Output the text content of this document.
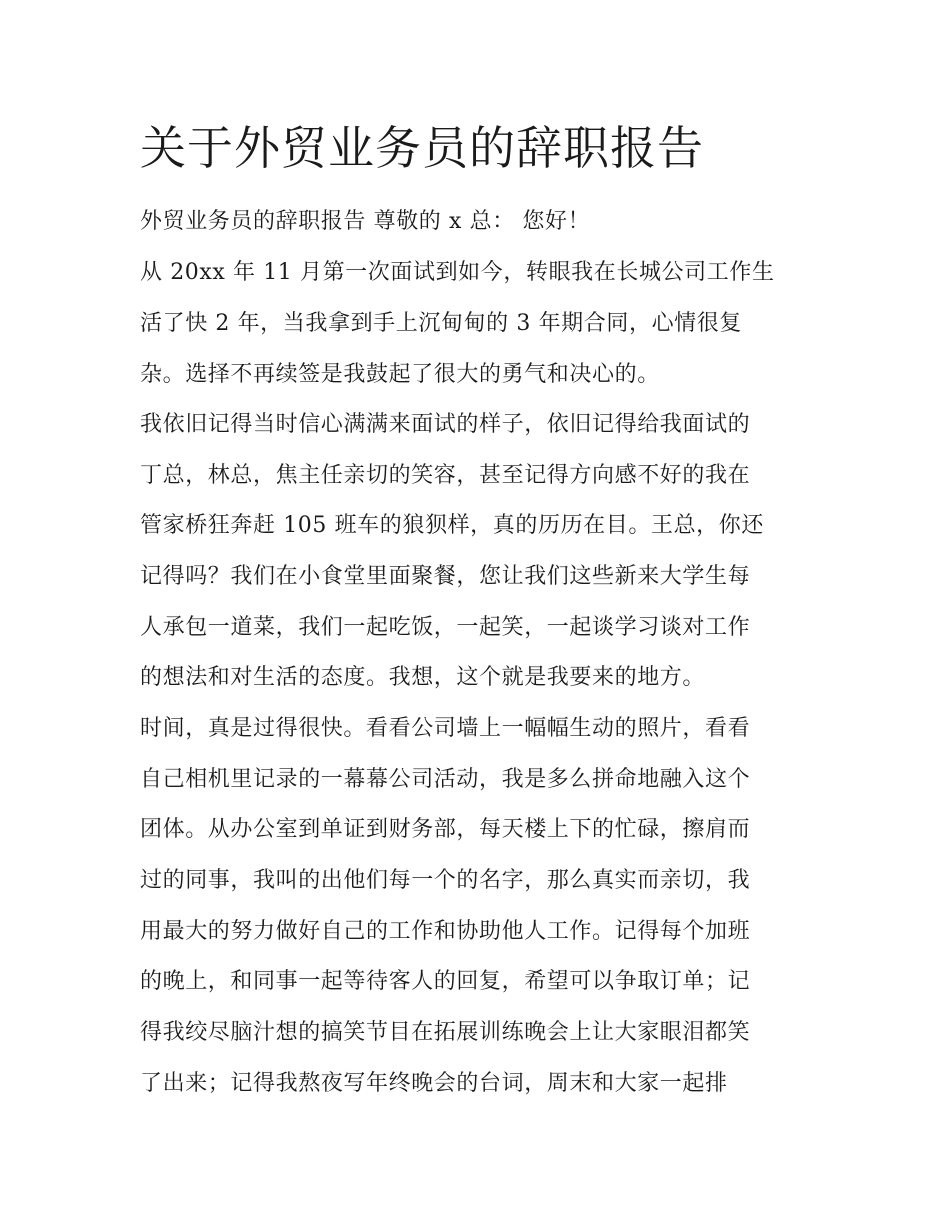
关于外贸业务员的辞职报告

外贸业务员的辞职报告 尊敬的 x 总： 您好！

从 20xx 年 11 月第一次面试到如今，转眼我在长城公司工作生

活了快 2 年，当我拿到手上沉甸甸的 3 年期合同，心情很复

杂。选择不再续签是我鼓起了很大的勇气和决心的。

我依旧记得当时信心满满来面试的样子，依旧记得给我面试的

丁总，林总，焦主任亲切的笑容，甚至记得方向感不好的我在

管家桥狂奔赶 105 班车的狼狈样，真的历历在目。王总，你还

记得吗？我们在小食堂里面聚餐，您让我们这些新来大学生每

人承包一道菜，我们一起吃饭，一起笑，一起谈学习谈对工作

的想法和对生活的态度。我想，这个就是我要来的地方。

时间，真是过得很快。看看公司墙上一幅幅生动的照片，看看

自己相机里记录的一幕幕公司活动，我是多么拼命地融入这个

团体。从办公室到单证到财务部，每天楼上下的忙碌，擦肩而

过的同事，我叫的出他们每一个的名字，那么真实而亲切，我

用最大的努力做好自己的工作和协助他人工作。记得每个加班

的晚上，和同事一起等待客人的回复，希望可以争取订单；记

得我绞尽脑汁想的搞笑节目在拓展训练晚会上让大家眼泪都笑

了出来；记得我熬夜写年终晚会的台词，周末和大家一起排
